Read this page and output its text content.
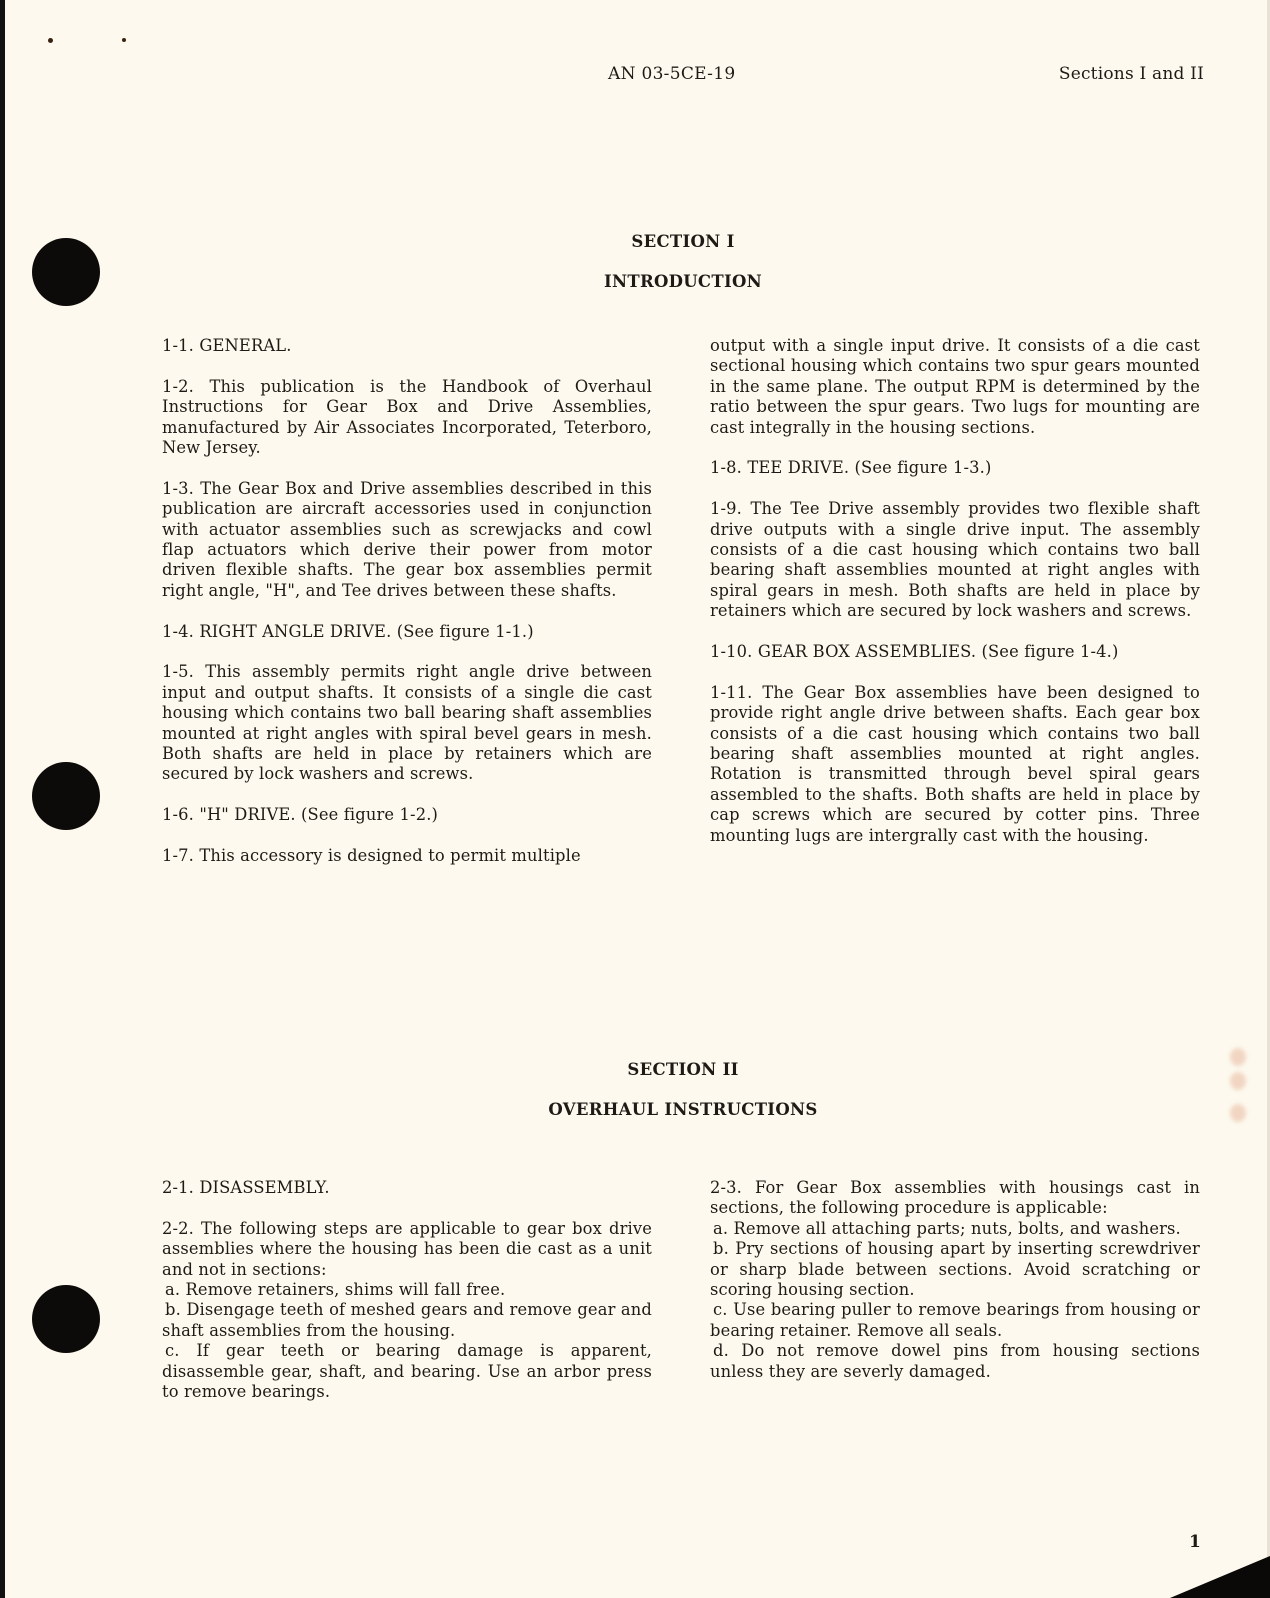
AN 03-5CE-19	Sections I and II
SECTION I
INTRODUCTION

1-1. GENERAL.

1-2. This publication is the Handbook of Overhaul Instructions for Gear Box and Drive Assemblies, manufactured by Air Associates Incorporated, Teterboro, New Jersey.

1-3. The Gear Box and Drive assemblies described in this publication are aircraft accessories used in conjunction with actuator assemblies such as screwjacks and cowl flap actuators which derive their power from motor driven flexible shafts. The gear box assemblies permit right angle, "H", and Tee drives between these shafts.

1-4. RIGHT ANGLE DRIVE. (See figure 1-1.)

1-5. This assembly permits right angle drive between input and output shafts. It consists of a single die cast housing which contains two ball bearing shaft assemblies mounted at right angles with spiral bevel gears in mesh. Both shafts are held in place by retainers which are secured by lock washers and screws.

1-6. "H" DRIVE. (See figure 1-2.)

1-7. This accessory is designed to permit multiple

output with a single input drive. It consists of a die cast sectional housing which contains two spur gears mounted in the same plane. The output RPM is determined by the ratio between the spur gears. Two lugs for mounting are cast integrally in the housing sections.

1-8. TEE DRIVE. (See figure 1-3.)

1-9. The Tee Drive assembly provides two flexible shaft drive outputs with a single drive input. The assembly consists of a die cast housing which contains two ball bearing shaft assemblies mounted at right angles with spiral gears in mesh. Both shafts are held in place by retainers which are secured by lock washers and screws.

1-10. GEAR BOX ASSEMBLIES. (See figure 1-4.)

1-11. The Gear Box assemblies have been designed to provide right angle drive between shafts. Each gear box consists of a die cast housing which contains two ball bearing shaft assemblies mounted at right angles. Rotation is transmitted through bevel spiral gears assembled to the shafts. Both shafts are held in place by cap screws which are secured by cotter pins. Three mounting lugs are intergrally cast with the housing.

SECTION II
OVERHAUL INSTRUCTIONS

2-1. DISASSEMBLY.

2-2. The following steps are applicable to gear box drive assemblies where the housing has been die cast as a unit and not in sections:

a. Remove retainers, shims will fall free.

b. Disengage teeth of meshed gears and remove gear and shaft assemblies from the housing.

c. If gear teeth or bearing damage is apparent, disassemble gear, shaft, and bearing. Use an arbor press to remove bearings.

2-3. For Gear Box assemblies with housings cast in sections, the following procedure is applicable:

a. Remove all attaching parts; nuts, bolts, and washers.

b. Pry sections of housing apart by inserting screwdriver or sharp blade between sections. Avoid scratching or scoring housing section.

c. Use bearing puller to remove bearings from housing or bearing retainer. Remove all seals.

d. Do not remove dowel pins from housing sections unless they are severly damaged.

1
